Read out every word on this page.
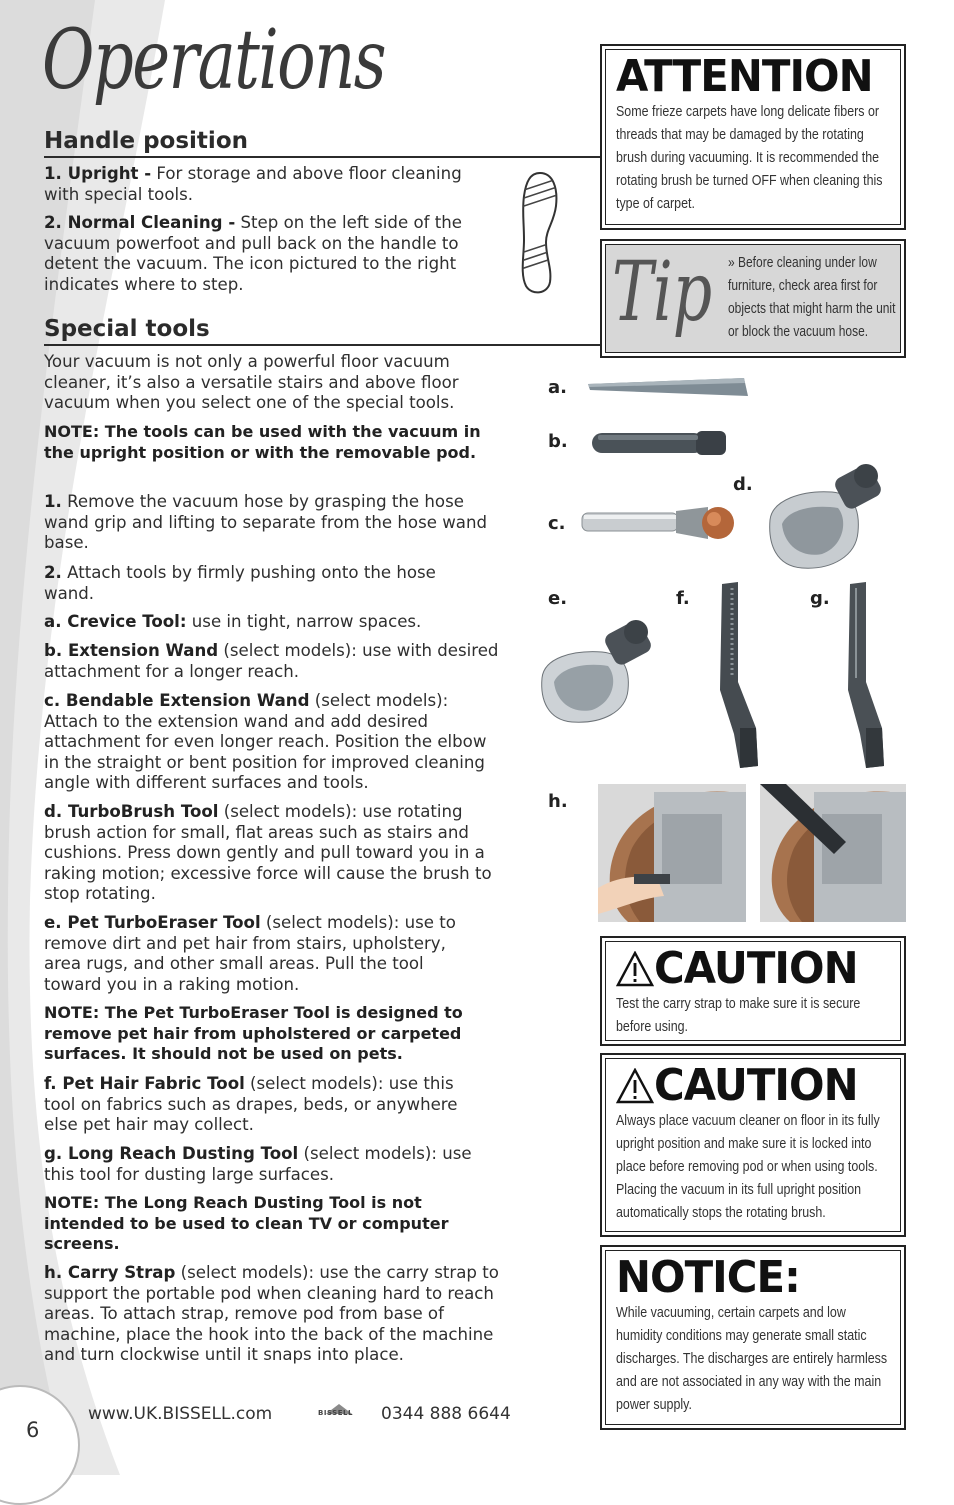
Operations
Handle position

1. Upright - For storage and above floor cleaning with special tools.

2. Normal Cleaning - Step on the left side of the vacuum powerfoot and pull back on the handle to detent the vacuum. The icon pictured to the right indicates where to step.

Special tools

Your vacuum is not only a powerful floor vacuum cleaner, it’s also a versatile stairs and above floor vacuum when you select one of the special tools.

NOTE: The tools can be used with the vacuum in the upright position or with the removable pod.

1. Remove the vacuum hose by grasping the hose wand grip and lifting to separate from the hose wand base.

2. Attach tools by firmly pushing onto the hose wand.

a. Crevice Tool: use in tight, narrow spaces.

b. Extension Wand (select models): use with desired attachment for a longer reach.

c. Bendable Extension Wand (select models): Attach to the extension wand and add desired attachment for even longer reach. Position the elbow in the straight or bent position for improved cleaning angle with different surfaces and tools.

d. TurboBrush Tool (select models): use rotating brush action for small, flat areas such as stairs and cushions. Press down gently and pull toward you in a raking motion; excessive force will cause the brush to stop rotating.

e. Pet TurboEraser Tool (select models): use to remove dirt and pet hair from stairs, upholstery, area rugs, and other small areas. Pull the tool toward you in a raking motion.

NOTE: The Pet TurboEraser Tool is designed to remove pet hair from upholstered or carpeted surfaces. It should not be used on pets.

f. Pet Hair Fabric Tool (select models): use this tool on fabrics such as drapes, beds, or anywhere else pet hair may collect.

g. Long Reach Dusting Tool (select models): use this tool for dusting large surfaces.

NOTE: The Long Reach Dusting Tool is not intended to be used to clean TV or computer screens.

h. Carry Strap (select models): use the carry strap to support the portable pod when cleaning hard to reach areas. To attach strap, remove pod from base of machine, place the hook into the back of the machine and turn clockwise until it snaps into place.

ATTENTION
Some frieze carpets have long delicate fibers or threads that may be damaged by the rotating brush during vacuuming. It is recommended the rotating brush be turned OFF when cleaning this type of carpet.
Tip » Before cleaning under low furniture, check area first for objects that might harm the unit or block the vacuum hose.
a.
b.
d.
c.
e.	f.	g.
h.
CAUTION
Test the carry strap to make sure it is secure before using.
CAUTION
Always place vacuum cleaner on floor in its fully upright position and make sure it is locked into place before removing pod or when using tools. Placing the vacuum in its full upright position automatically stops the rotating brush.
NOTICE:
While vacuuming, certain carpets and low humidity conditions may generate small static discharges. The discharges are entirely harmless and are not associated in any way with the main power supply.
6
www.UK.BISSELL.com	BISSELL 0344 888 6644
